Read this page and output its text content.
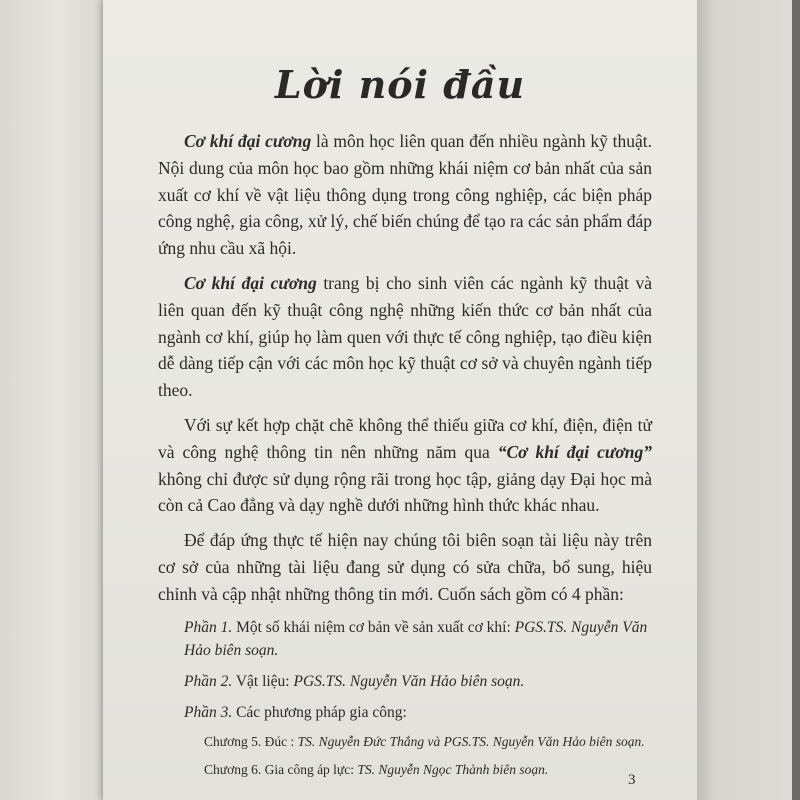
Lời nói đầu

Cơ khí đại cương là môn học liên quan đến nhiều ngành kỹ thuật. Nội dung của môn học bao gồm những khái niệm cơ bản nhất của sản xuất cơ khí về vật liệu thông dụng trong công nghiệp, các biện pháp công nghệ, gia công, xử lý, chế biến chúng để tạo ra các sản phẩm đáp ứng nhu cầu xã hội.

Cơ khí đại cương trang bị cho sinh viên các ngành kỹ thuật và liên quan đến kỹ thuật công nghệ những kiến thức cơ bản nhất của ngành cơ khí, giúp họ làm quen với thực tế công nghiệp, tạo điều kiện dễ dàng tiếp cận với các môn học kỹ thuật cơ sở và chuyên ngành tiếp theo.

Với sự kết hợp chặt chẽ không thể thiếu giữa cơ khí, điện, điện tử và công nghệ thông tin nên những năm qua “Cơ khí đại cương” không chỉ được sử dụng rộng rãi trong học tập, giảng dạy Đại học mà còn cả Cao đẳng và dạy nghề dưới những hình thức khác nhau.

Để đáp ứng thực tế hiện nay chúng tôi biên soạn tài liệu này trên cơ sở của những tài liệu đang sử dụng có sửa chữa, bổ sung, hiệu chỉnh và cập nhật những thông tin mới. Cuốn sách gồm có 4 phần:

Phần 1. Một số khái niệm cơ bản về sản xuất cơ khí: PGS.TS. Nguyễn Văn Hảo biên soạn.

Phần 2. Vật liệu: PGS.TS. Nguyễn Văn Hảo biên soạn.

Phần 3. Các phương pháp gia công:

Chương 5. Đúc : TS. Nguyễn Đức Thắng và PGS.TS. Nguyễn Văn Hảo biên soạn.

Chương 6. Gia công áp lực: TS. Nguyễn Ngọc Thành biên soạn.

3
